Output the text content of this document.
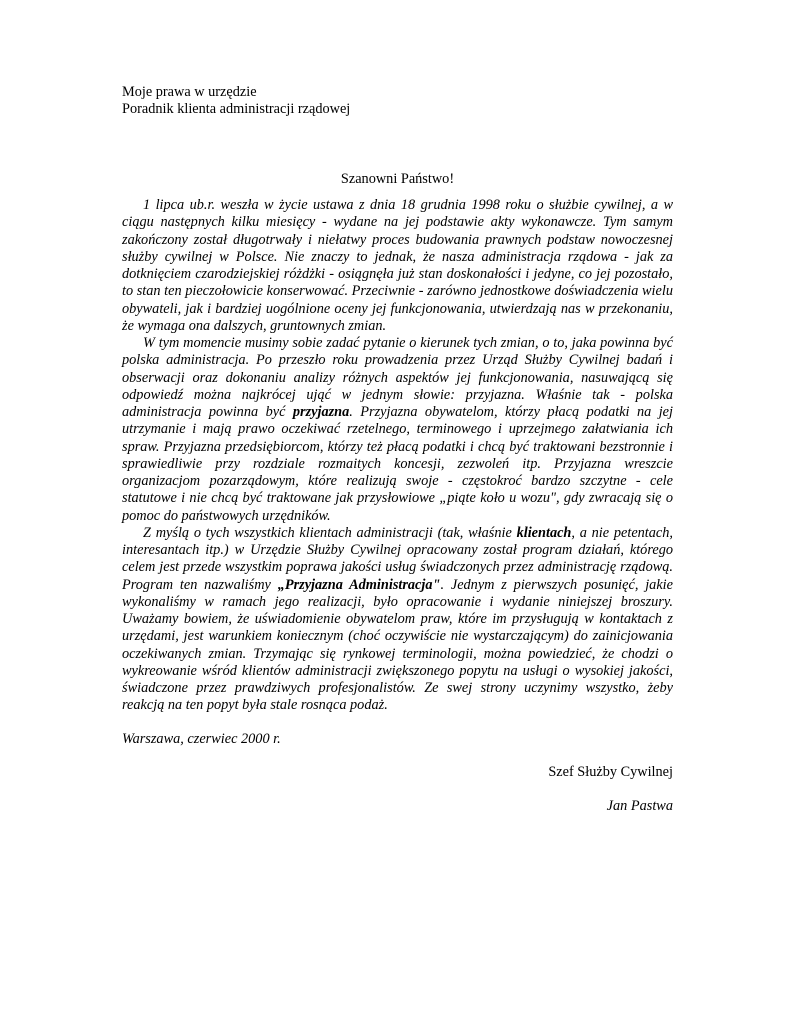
Moje prawa w urzędzie

Poradnik klienta administracji rządowej

Szanowni Państwo!

1 lipca ub.r. weszła w życie ustawa z dnia 18 grudnia 1998 roku o służbie cywilnej, a w ciągu następnych kilku miesięcy - wydane na jej podstawie akty wykonawcze. Tym samym zakończony został długotrwały i niełatwy proces budowania prawnych podstaw nowoczesnej służby cywilnej w Polsce. Nie znaczy to jednak, że nasza administracja rządowa - jak za dotknięciem czarodziejskiej różdżki - osiągnęła już stan doskonałości i jedyne, co jej pozostało, to stan ten pieczołowicie konserwować. Przeciwnie - zarówno jednostkowe doświadczenia wielu obywateli, jak i bardziej uogólnione oceny jej funkcjonowania, utwierdzają nas w przekonaniu, że wymaga ona dalszych, gruntownych zmian.

W tym momencie musimy sobie zadać pytanie o kierunek tych zmian, o to, jaka powinna być polska administracja. Po przeszło roku prowadzenia przez Urząd Służby Cywilnej badań i obserwacji oraz dokonaniu analizy różnych aspektów jej funkcjonowania, nasuwającą się odpowiedź można najkrócej ująć w jednym słowie: przyjazna. Właśnie tak - polska administracja powinna być przyjazna. Przyjazna obywatelom, którzy płacą podatki na jej utrzymanie i mają prawo oczekiwać rzetelnego, terminowego i uprzejmego załatwiania ich spraw. Przyjazna przedsiębiorcom, którzy też płacą podatki i chcą być traktowani bezstronnie i sprawiedliwie przy rozdziale rozmaitych koncesji, zezwoleń itp. Przyjazna wreszcie organizacjom pozarządowym, które realizują swoje - częstokroć bardzo szczytne - cele statutowe i nie chcą być traktowane jak przysłowiowe „piąte koło u wozu", gdy zwracają się o pomoc do państwowych urzędników.

Z myślą o tych wszystkich klientach administracji (tak, właśnie klientach, a nie petentach, interesantach itp.) w Urzędzie Służby Cywilnej opracowany został program działań, którego celem jest przede wszystkim poprawa jakości usług świadczonych przez administrację rządową. Program ten nazwaliśmy „Przyjazna Administracja". Jednym z pierwszych posunięć, jakie wykonaliśmy w ramach jego realizacji, było opracowanie i wydanie niniejszej broszury. Uważamy bowiem, że uświadomienie obywatelom praw, które im przysługują w kontaktach z urzędami, jest warunkiem koniecznym (choć oczywiście nie wystarczającym) do zainicjowania oczekiwanych zmian. Trzymając się rynkowej terminologii, można powiedzieć, że chodzi o wykreowanie wśród klientów administracji zwiększonego popytu na usługi o wysokiej jakości, świadczone przez prawdziwych profesjonalistów. Ze swej strony uczynimy wszystko, żeby reakcją na ten popyt była stale rosnąca podaż.

Warszawa, czerwiec 2000 r.

Szef Służby Cywilnej

Jan Pastwa
